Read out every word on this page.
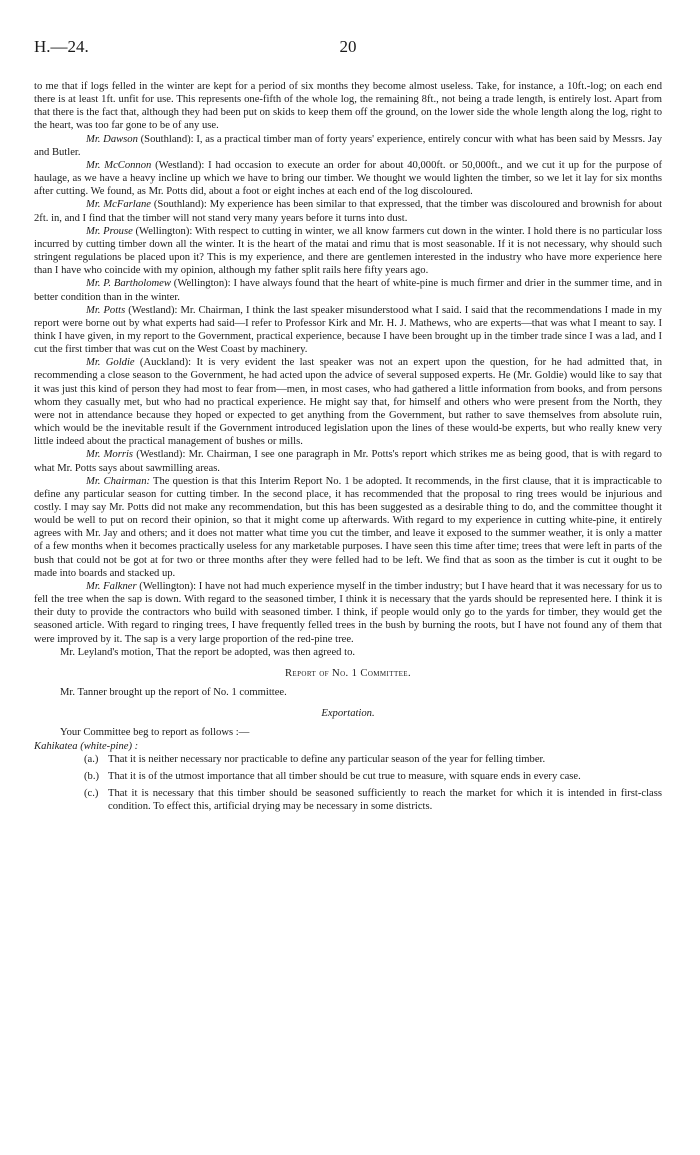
H.—24.	20

to me that if logs felled in the winter are kept for a period of six months they become almost useless. Take, for instance, a 10ft.-log; on each end there is at least 1ft. unfit for use. This represents one-fifth of the whole log, the remaining 8ft., not being a trade length, is entirely lost. Apart from that there is the fact that, although they had been put on skids to keep them off the ground, on the lower side the whole length along the log, right to the heart, was too far gone to be of any use.

Mr. Dawson (Southland): I, as a practical timber man of forty years' experience, entirely concur with what has been said by Messrs. Jay and Butler.

Mr. McConnon (Westland): I had occasion to execute an order for about 40,000ft. or 50,000ft., and we cut it up for the purpose of haulage, as we have a heavy incline up which we have to bring our timber. We thought we would lighten the timber, so we let it lay for six months after cutting. We found, as Mr. Potts did, about a foot or eight inches at each end of the log discoloured.

Mr. McFarlane (Southland): My experience has been similar to that expressed, that the timber was discoloured and brownish for about 2ft. in, and I find that the timber will not stand very many years before it turns into dust.

Mr. Prouse (Wellington): With respect to cutting in winter, we all know farmers cut down in the winter. I hold there is no particular loss incurred by cutting timber down all the winter. It is the heart of the matai and rimu that is most seasonable. If it is not necessary, why should such stringent regulations be placed upon it? This is my experience, and there are gentlemen interested in the industry who have more experience here than I have who coincide with my opinion, although my father split rails here fifty years ago.

Mr. P. Bartholomew (Wellington): I have always found that the heart of white-pine is much firmer and drier in the summer time, and in better condition than in the winter.

Mr. Potts (Westland): Mr. Chairman, I think the last speaker misunderstood what I said. I said that the recommendations I made in my report were borne out by what experts had said—I refer to Professor Kirk and Mr. H. J. Mathews, who are experts—that was what I meant to say. I think I have given, in my report to the Government, practical experience, because I have been brought up in the timber trade since I was a lad, and I cut the first timber that was cut on the West Coast by machinery.

Mr. Goldie (Auckland): It is very evident the last speaker was not an expert upon the question, for he had admitted that, in recommending a close season to the Government, he had acted upon the advice of several supposed experts. He (Mr. Goldie) would like to say that it was just this kind of person they had most to fear from—men, in most cases, who had gathered a little information from books, and from persons whom they casually met, but who had no practical experience. He might say that, for himself and others who were present from the North, they were not in attendance because they hoped or expected to get anything from the Government, but rather to save themselves from absolute ruin, which would be the inevitable result if the Government introduced legislation upon the lines of these would-be experts, but who really knew very little indeed about the practical management of bushes or mills.

Mr. Morris (Westland): Mr. Chairman, I see one paragraph in Mr. Potts's report which strikes me as being good, that is with regard to what Mr. Potts says about sawmilling areas.

Mr. Chairman: The question is that this Interim Report No. 1 be adopted. It recommends, in the first clause, that it is impracticable to define any particular season for cutting timber. In the second place, it has recommended that the proposal to ring trees would be injurious and costly. I may say Mr. Potts did not make any recommendation, but this has been suggested as a desirable thing to do, and the committee thought it would be well to put on record their opinion, so that it might come up afterwards. With regard to my experience in cutting white-pine, it entirely agrees with Mr. Jay and others; and it does not matter what time you cut the timber, and leave it exposed to the summer weather, it is only a matter of a few months when it becomes practically useless for any marketable purposes. I have seen this time after time; trees that were left in parts of the bush that could not be got at for two or three months after they were felled had to be left. We find that as soon as the timber is cut it ought to be made into boards and stacked up.

Mr. Falkner (Wellington): I have not had much experience myself in the timber industry; but I have heard that it was necessary for us to fell the tree when the sap is down. With regard to the seasoned timber, I think it is necessary that the yards should be represented here. I think it is their duty to provide the contractors who build with seasoned timber. I think, if people would only go to the yards for timber, they would get the seasoned article. With regard to ringing trees, I have frequently felled trees in the bush by burning the roots, but I have not found any of them that were improved by it. The sap is a very large proportion of the red-pine tree.

Mr. Leyland's motion, That the report be adopted, was then agreed to.

Report of No. 1 Committee.

Mr. Tanner brought up the report of No. 1 committee.

Exportation.

Your Committee beg to report as follows :—

Kahikatea (white-pine) :

(a.) That it is neither necessary nor practicable to define any particular season of the year for felling timber.
(b.) That it is of the utmost importance that all timber should be cut true to measure, with square ends in every case.
(c.) That it is necessary that this timber should be seasoned sufficiently to reach the market for which it is intended in first-class condition. To effect this, artificial drying may be necessary in some districts.
